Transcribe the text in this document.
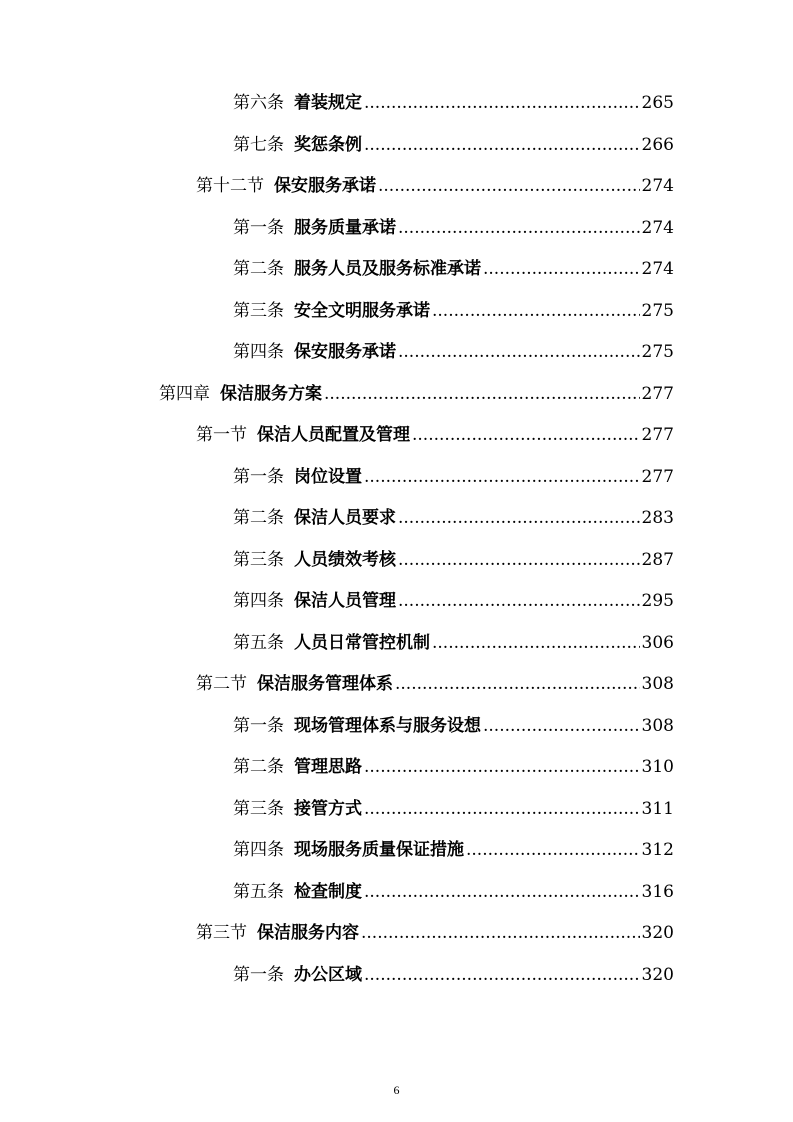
第六条 着装规定 .....	265
第七条 奖惩条例 .....	266
第十二节 保安服务承诺 .....	274
第一条 服务质量承诺 .....	274
第二条 服务人员及服务标准承诺 .....	274
第三条 安全文明服务承诺 .....	275
第四条 保安服务承诺 .....	275
第四章 保洁服务方案 .....	277
第一节 保洁人员配置及管理 .....	277
第一条 岗位设置 .....	277
第二条 保洁人员要求 .....	283
第三条 人员绩效考核 .....	287
第四条 保洁人员管理 .....	295
第五条 人员日常管控机制 .....	306
第二节 保洁服务管理体系 .....	308
第一条 现场管理体系与服务设想 .....	308
第二条 管理思路 .....	310
第三条 接管方式 .....	311
第四条 现场服务质量保证措施 .....	312
第五条 检查制度 .....	316
第三节 保洁服务内容 .....	320
第一条 办公区域 .....	320
6
